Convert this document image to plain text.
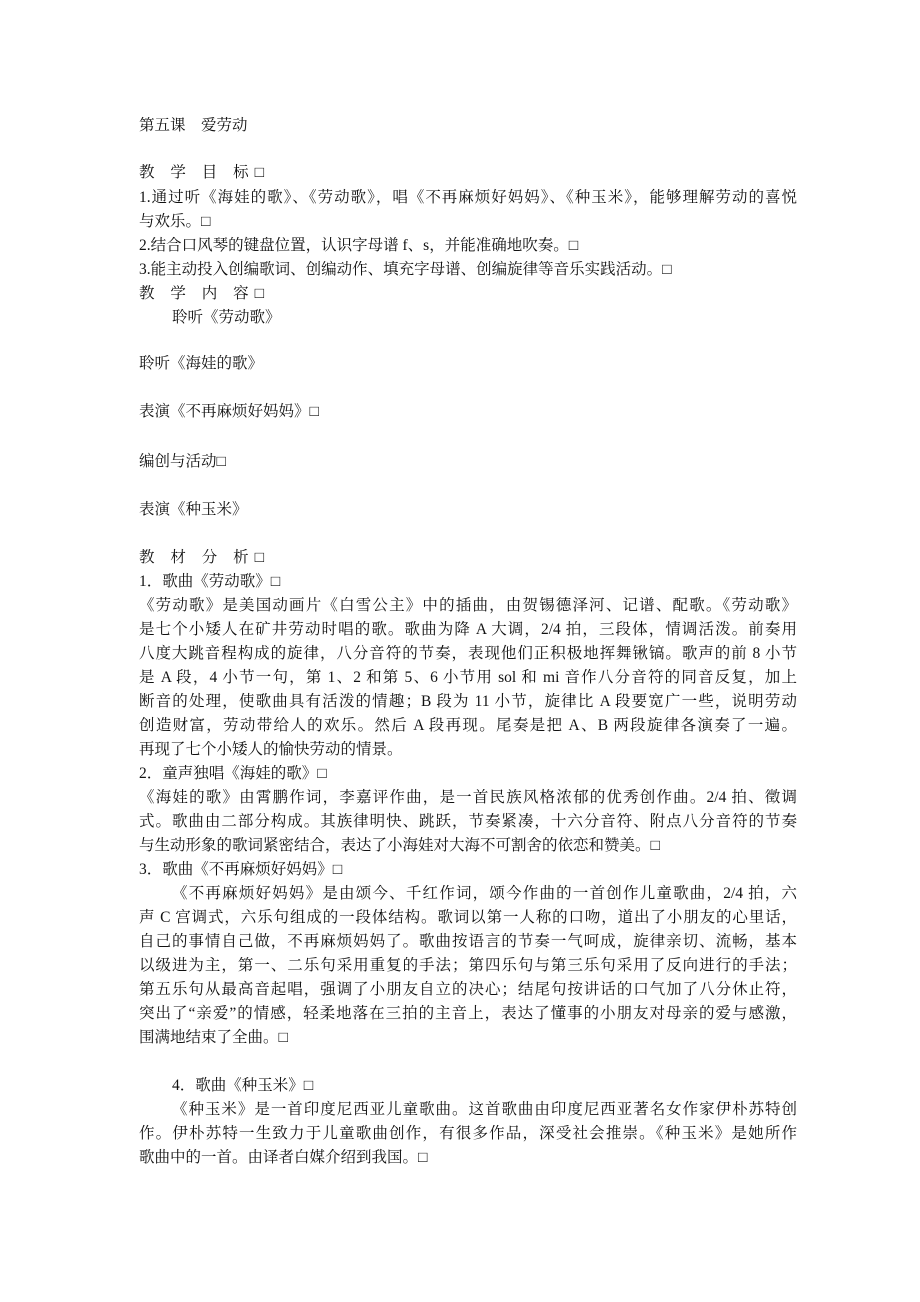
第五课　爱劳动
教 学 目 标□
1.通过听《海娃的歌》、《劳动歌》，唱《不再麻烦好妈妈》、《种玉米》，能够理解劳动的喜悦
与欢乐。□
2.结合口风琴的键盘位置，认识字母谱 f、s，并能准确地吹奏。□
3.能主动投入创编歌词、创编动作、填充字母谱、创编旋律等音乐实践活动。□
教 学 内 容□
聆听《劳动歌》
聆听《海娃的歌》
表演《不再麻烦好妈妈》□
编创与活动□
表演《种玉米》
教 材 分 析□
1．歌曲《劳动歌》□
《劳动歌》是美国动画片《白雪公主》中的插曲，由贺锡德泽河、记谱、配歌。《劳动歌》
是七个小矮人在矿井劳动时唱的歌。歌曲为降 A 大调，2/4 拍，三段体，情调活泼。前奏用
八度大跳音程构成的旋律，八分音符的节奏，表现他们正积极地挥舞锹镐。歌声的前 8 小节
是 A 段，4 小节一句，第 1、2 和第 5、6 小节用 sol 和 mi 音作八分音符的同音反复，加上
断音的处理，使歌曲具有活泼的情趣；B 段为 11 小节，旋律比 A 段要宽广一些，说明劳动
创造财富，劳动带给人的欢乐。然后 A 段再现。尾奏是把 A、B 两段旋律各演奏了一遍。
再现了七个小矮人的愉快劳动的情景。
2．童声独唱《海娃的歌》□
《海娃的歌》由霄鹏作词，李嘉评作曲，是一首民族风格浓郁的优秀创作曲。2/4 拍、徵调
式。歌曲由二部分构成。其族律明快、跳跃，节奏紧凑，十六分音符、附点八分音符的节奏
与生动形象的歌词紧密结合，表达了小海娃对大海不可割舍的依恋和赞美。□
3．歌曲《不再麻烦好妈妈》□
《不再麻烦好妈妈》是由颂今、千红作词，颂今作曲的一首创作儿童歌曲，2/4 拍，六
声 C 宫调式，六乐句组成的一段体结构。歌词以第一人称的口吻，道出了小朋友的心里话，
自己的事情自己做，不再麻烦妈妈了。歌曲按语言的节奏一气呵成，旋律亲切、流畅，基本
以级进为主，第一、二乐句采用重复的手法；第四乐句与第三乐句采用了反向进行的手法；
第五乐句从最高音起唱，强调了小朋友自立的决心；结尾句按讲话的口气加了八分休止符，
突出了“亲爱”的情感，轻柔地落在三拍的主音上，表达了懂事的小朋友对母亲的爱与感激，
围满地结束了全曲。□
4．歌曲《种玉米》□
《种玉米》是一首印度尼西亚儿童歌曲。这首歌曲由印度尼西亚著名女作家伊朴苏特创
作。伊朴苏特一生致力于儿童歌曲创作，有很多作品，深受社会推崇。《种玉米》是她所作
歌曲中的一首。由译者白媒介绍到我国。□
